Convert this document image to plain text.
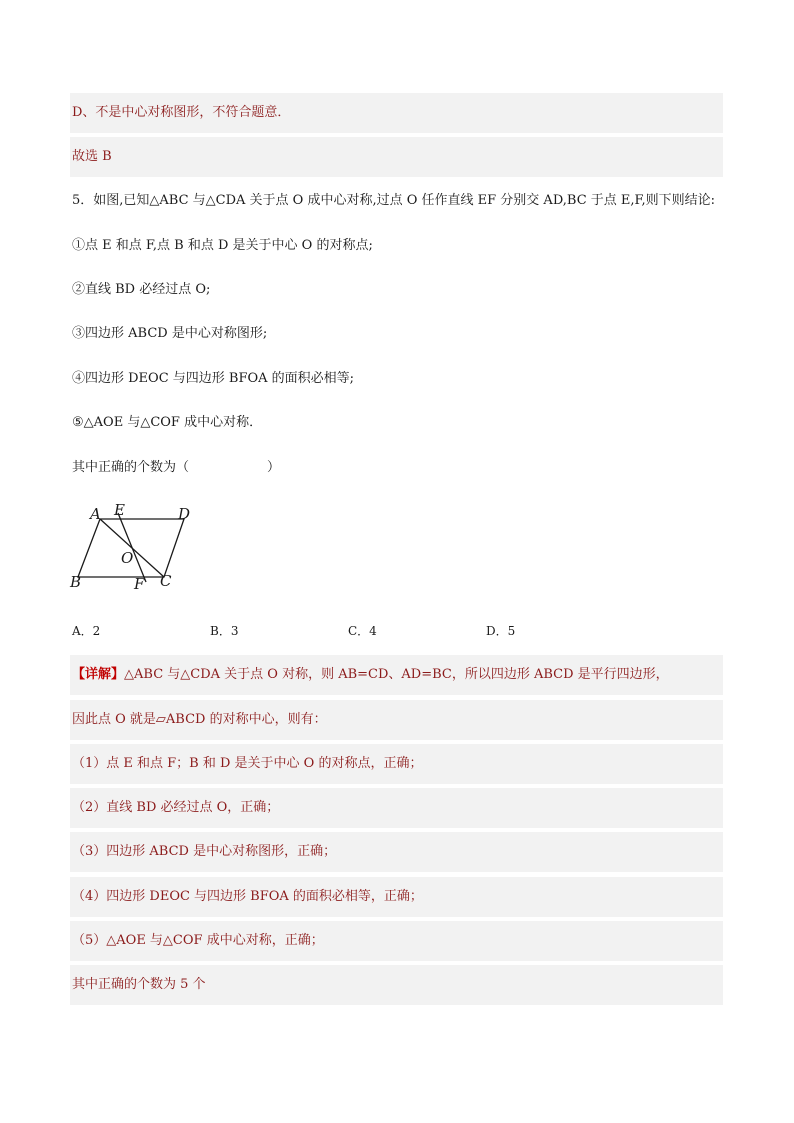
D、不是中心对称图形，不符合题意．
故选 B
5．如图,已知△ABC 与△CDA 关于点 O 成中心对称,过点 O 任作直线 EF 分别交 AD,BC 于点 E,F,则下则结论:
①点 E 和点 F,点 B 和点 D 是关于中心 O 的对称点;
②直线 BD 必经过点 O;
③四边形 ABCD 是中心对称图形;
④四边形 DEOC 与四边形 BFOA 的面积必相等;
⑤△AOE 与△COF 成中心对称．
其中正确的个数为（　　　　　　）
A E	D
O
B	F C
A．2	B．3	C．4	D．5
【详解】△ABC 与△CDA 关于点 O 对称，则 AB=CD、AD=BC，所以四边形 ABCD 是平行四边形，
因此点 O 就是▱ABCD 的对称中心，则有：
（1）点 E 和点 F；B 和 D 是关于中心 O 的对称点，正确；
（2）直线 BD 必经过点 O，正确；
（3）四边形 ABCD 是中心对称图形，正确；
（4）四边形 DEOC 与四边形 BFOA 的面积必相等，正确；
（5）△AOE 与△COF 成中心对称，正确；
其中正确的个数为 5 个
